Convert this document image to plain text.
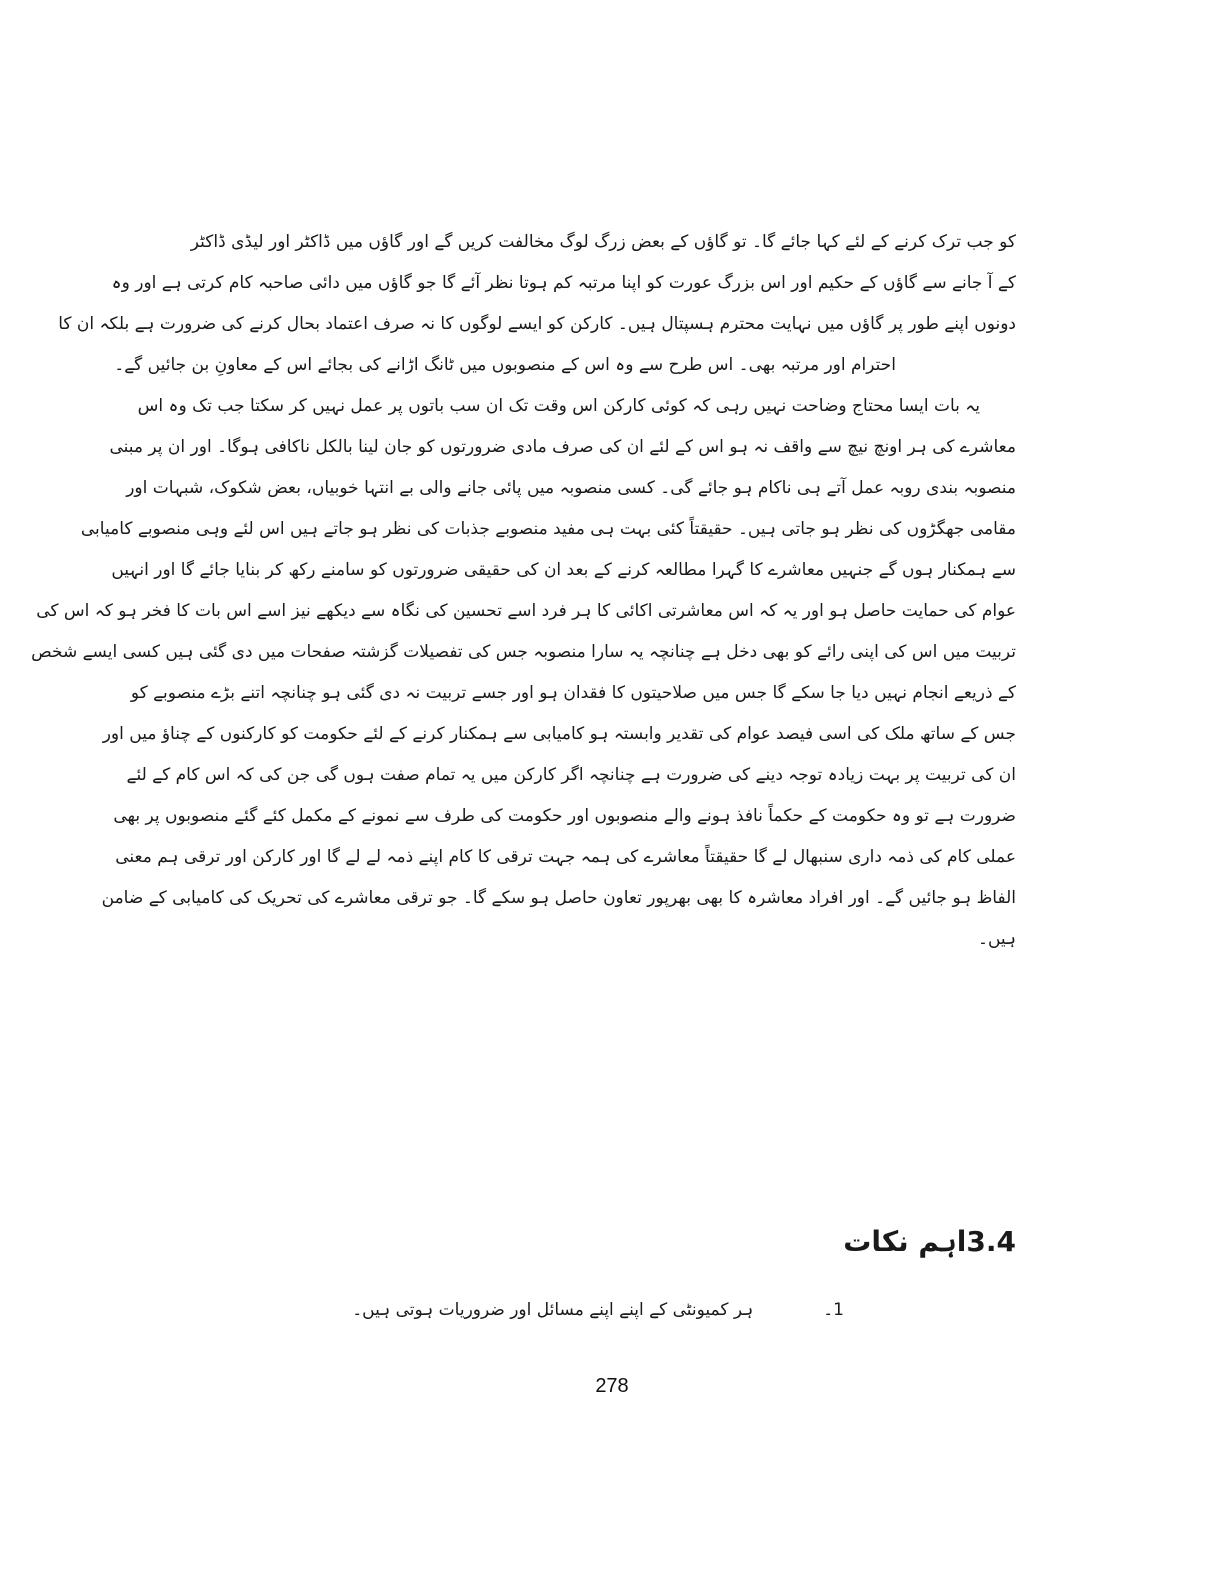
کو جب ترک کرنے کے لئے کہا جائے گا۔ تو گاؤں کے بعض زرگ لوگ مخالفت کریں گے اور گاؤں میں ڈاکٹر اور لیڈی ڈاکٹر
کے آ جانے سے گاؤں کے حکیم اور اس بزرگ عورت کو اپنا مرتبہ کم ہوتا نظر آئے گا جو گاؤں میں دائی صاحبہ کام کرتی ہے اور وہ
دونوں اپنے طور پر گاؤں میں نہایت محترم ہسپتال ہیں۔ کارکن کو ایسے لوگوں کا نہ صرف اعتماد بحال کرنے کی ضرورت ہے بلکہ ان کا
احترام اور مرتبہ بھی۔ اس طرح سے وہ اس کے منصوبوں میں ٹانگ اڑانے کی بجائے اس کے معاونِ بن جائیں گے۔
یہ بات ایسا محتاج وضاحت نہیں رہی کہ کوئی کارکن اس وقت تک ان سب باتوں پر عمل نہیں کر سکتا جب تک وہ اس
معاشرے کی ہر اونچ نیچ سے واقف نہ ہو اس کے لئے ان کی صرف مادی ضرورتوں کو جان لینا بالکل ناکافی ہوگا۔ اور ان پر مبنی
منصوبہ بندی روبہ عمل آتے ہی ناکام ہو جائے گی۔ کسی منصوبہ میں پائی جانے والی بے انتہا خوبیاں، بعض شکوک، شبہات اور
مقامی جھگڑوں کی نظر ہو جاتی ہیں۔ حقیقتاً کئی بہت ہی مفید منصوبے جذبات کی نظر ہو جاتے ہیں اس لئے وہی منصوبے کامیابی
سے ہمکنار ہوں گے جنہیں معاشرے کا گہرا مطالعہ کرنے کے بعد ان کی حقیقی ضرورتوں کو سامنے رکھ کر بنایا جائے گا اور انہیں
عوام کی حمایت حاصل ہو اور یہ کہ اس معاشرتی اکائی کا ہر فرد اسے تحسین کی نگاہ سے دیکھے نیز اسے اس بات کا فخر ہو کہ اس کی
تربیت میں اس کی اپنی رائے کو بھی دخل ہے چنانچہ یہ سارا منصوبہ جس کی تفصیلات گزشتہ صفحات میں دی گئی ہیں کسی ایسے شخص
کے ذریعے انجام نہیں دیا جا سکے گا جس میں صلاحیتوں کا فقدان ہو اور جسے تربیت نہ دی گئی ہو چنانچہ اتنے بڑے منصوبے کو
جس کے ساتھ ملک کی اسی فیصد عوام کی تقدیر وابستہ ہو کامیابی سے ہمکنار کرنے کے لئے حکومت کو کارکنوں کے چناؤ میں اور
ان کی تربیت پر بہت زیادہ توجہ دینے کی ضرورت ہے چنانچہ اگر کارکن میں یہ تمام صفت ہوں گی جن کی کہ اس کام کے لئے
ضرورت ہے تو وہ حکومت کے حکماً نافذ ہونے والے منصوبوں اور حکومت کی طرف سے نمونے کے مکمل کئے گئے منصوبوں پر بھی
عملی کام کی ذمہ داری سنبھال لے گا حقیقتاً معاشرے کی ہمہ جہت ترقی کا کام اپنے ذمہ لے لے گا اور کارکن اور ترقی ہم معنی
الفاظ ہو جائیں گے۔ اور افراد معاشرہ کا بھی بھرپور تعاون حاصل ہو سکے گا۔ جو ترقی معاشرے کی تحریک کی کامیابی کے ضامن
ہیں۔
3.4اہم نکات
1۔
ہر کمیونٹی کے اپنے اپنے مسائل اور ضروریات ہوتی ہیں۔
278
